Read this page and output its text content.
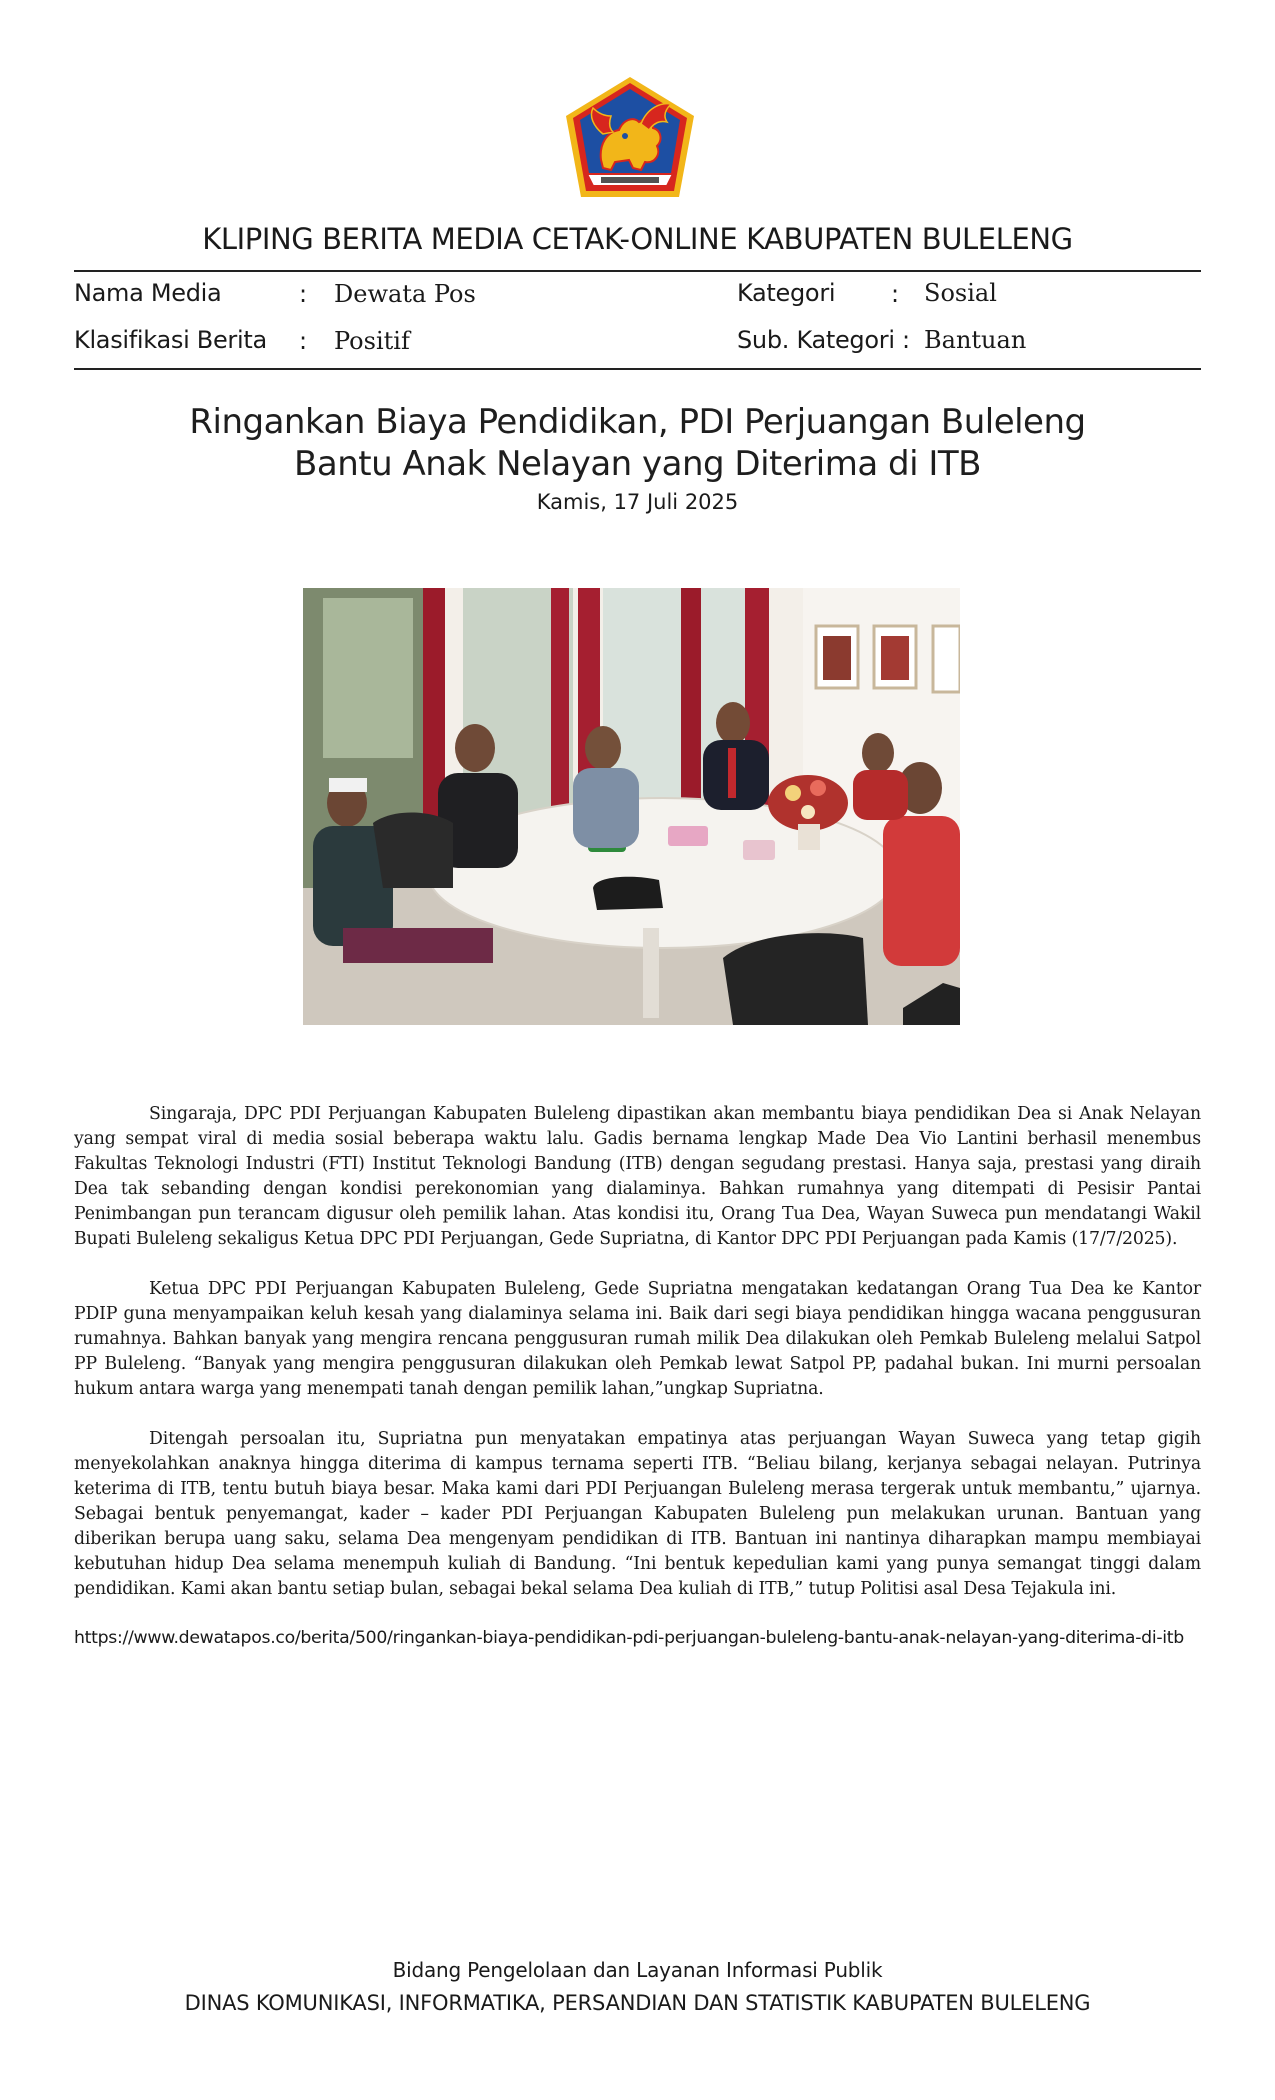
KLIPING BERITA MEDIA CETAK-ONLINE KABUPATEN BULELENG
Nama Media	: Dewata Pos	Kategori : Sosial
Klasifikasi Berita : Positif	Sub. Kategori : Bantuan
Ringankan Biaya Pendidikan, PDI Perjuangan Buleleng
Bantu Anak Nelayan yang Diterima di ITB
Kamis, 17 Juli 2025

Singaraja, DPC PDI Perjuangan Kabupaten Buleleng dipastikan akan membantu biaya pendidikan Dea si Anak Nelayan yang sempat viral di media sosial beberapa waktu lalu. Gadis bernama lengkap Made Dea Vio Lantini berhasil menembus Fakultas Teknologi Industri (FTI) Institut Teknologi Bandung (ITB) dengan segudang prestasi. Hanya saja, prestasi yang diraih Dea tak sebanding dengan kondisi perekonomian yang dialaminya. Bahkan rumahnya yang ditempati di Pesisir Pantai Penimbangan pun terancam digusur oleh pemilik lahan. Atas kondisi itu, Orang Tua Dea, Wayan Suweca pun mendatangi Wakil Bupati Buleleng sekaligus Ketua DPC PDI Perjuangan, Gede Supriatna, di Kantor DPC PDI Perjuangan pada Kamis (17/7/2025).

Ketua DPC PDI Perjuangan Kabupaten Buleleng, Gede Supriatna mengatakan kedatangan Orang Tua Dea ke Kantor PDIP guna menyampaikan keluh kesah yang dialaminya selama ini. Baik dari segi biaya pendidikan hingga wacana penggusuran rumahnya. Bahkan banyak yang mengira rencana penggusuran rumah milik Dea dilakukan oleh Pemkab Buleleng melalui Satpol PP Buleleng. “Banyak yang mengira penggusuran dilakukan oleh Pemkab lewat Satpol PP, padahal bukan. Ini murni persoalan hukum antara warga yang menempati tanah dengan pemilik lahan,”ungkap Supriatna.

Ditengah persoalan itu, Supriatna pun menyatakan empatinya atas perjuangan Wayan Suweca yang tetap gigih menyekolahkan anaknya hingga diterima di kampus ternama seperti ITB. “Beliau bilang, kerjanya sebagai nelayan. Putrinya keterima di ITB, tentu butuh biaya besar. Maka kami dari PDI Perjuangan Buleleng merasa tergerak untuk membantu,” ujarnya. Sebagai bentuk penyemangat, kader – kader PDI Perjuangan Kabupaten Buleleng pun melakukan urunan. Bantuan yang diberikan berupa uang saku, selama Dea mengenyam pendidikan di ITB. Bantuan ini nantinya diharapkan mampu membiayai kebutuhan hidup Dea selama menempuh kuliah di Bandung. “Ini bentuk kepedulian kami yang punya semangat tinggi dalam pendidikan. Kami akan bantu setiap bulan, sebagai bekal selama Dea kuliah di ITB,” tutup Politisi asal Desa Tejakula ini.

https://www.dewatapos.co/berita/500/ringankan-biaya-pendidikan-pdi-perjuangan-buleleng-bantu-anak-nelayan-yang-diterima-di-itb
Bidang Pengelolaan dan Layanan Informasi Publik
DINAS KOMUNIKASI, INFORMATIKA, PERSANDIAN DAN STATISTIK KABUPATEN BULELENG
